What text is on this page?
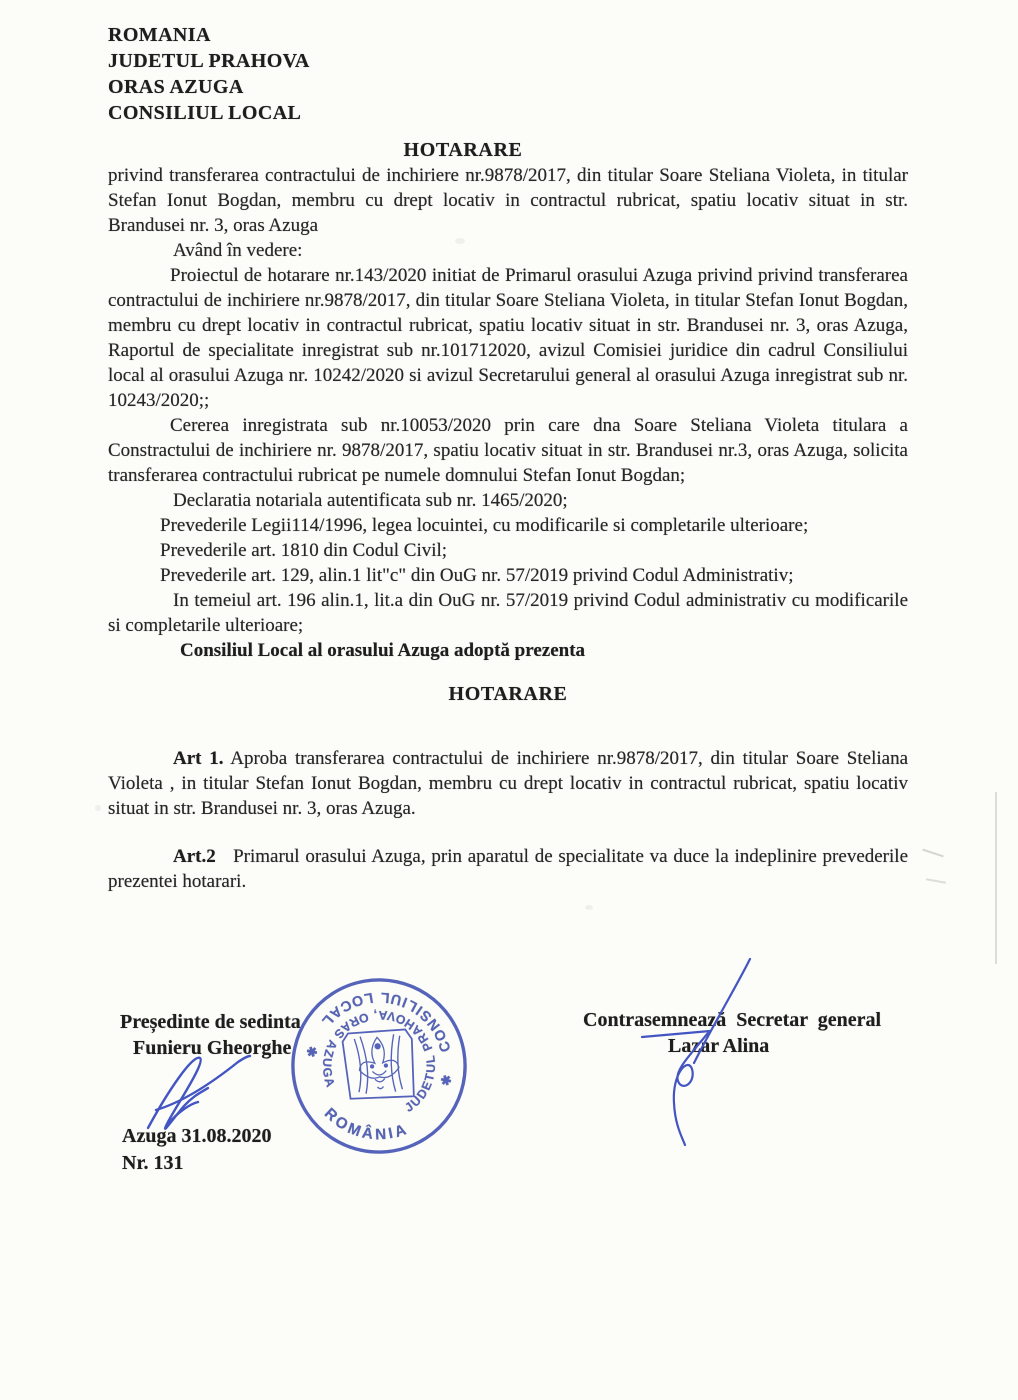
ROMANIA

JUDETUL PRAHOVA

ORAS AZUGA

CONSILIUL LOCAL

HOTARARE

privind transferarea contractului de inchiriere nr.9878/2017, din titular Soare Steliana Violeta, in titular Stefan Ionut Bogdan, membru cu drept locativ in contractul rubricat, spatiu locativ situat in str. Brandusei nr. 3, oras Azuga

Având în vedere:

Proiectul de hotarare nr.143/2020 initiat de Primarul orasului Azuga privind privind transferarea contractului de inchiriere nr.9878/2017, din titular Soare Steliana Violeta, in titular Stefan Ionut Bogdan, membru cu drept locativ in contractul rubricat, spatiu locativ situat in str. Brandusei nr. 3, oras Azuga, Raportul de specialitate inregistrat sub nr.101712020, avizul Comisiei juridice din cadrul Consiliului local al orasului Azuga nr. 10242/2020 si avizul Secretarului general al orasului Azuga inregistrat sub nr. 10243/2020;;

Cererea inregistrata sub nr.10053/2020 prin care dna Soare Steliana Violeta titulara a Constractului de inchiriere nr. 9878/2017, spatiu locativ situat in str. Brandusei nr.3, oras Azuga, solicita transferarea contractului rubricat pe numele domnului Stefan Ionut Bogdan;

Declaratia notariala autentificata sub nr. 1465/2020;

Prevederile Legii114/1996, legea locuintei, cu modificarile si completarile ulterioare;

Prevederile art. 1810 din Codul Civil;

Prevederile art. 129, alin.1 lit"c" din OuG nr. 57/2019 privind Codul Administrativ;

In temeiul art. 196 alin.1, lit.a din OuG nr. 57/2019 privind Codul administrativ cu modificarile si completarile ulterioare;

Consiliul Local al orasului Azuga adoptă prezenta

HOTARARE

Art 1. Aproba transferarea contractului de inchiriere nr.9878/2017, din titular Soare Steliana Violeta , in titular Stefan Ionut Bogdan, membru cu drept locativ in contractul rubricat, spatiu locativ situat in str. Brandusei nr. 3, oras Azuga.

Art.2 Primarul orasului Azuga, prin aparatul de specialitate va duce la indeplinire prevederile prezentei hotarari.

Președinte de sedinta
Funieru Gheorghe
Contrasemnează Secretar general
Lazar Alina
Azuga 31.08.2020
Nr. 131
CONSILIUL LOCAL
ROMÂNIA
✱
✱
JUDETUL PRAHOVA, ORAS AZUGA
